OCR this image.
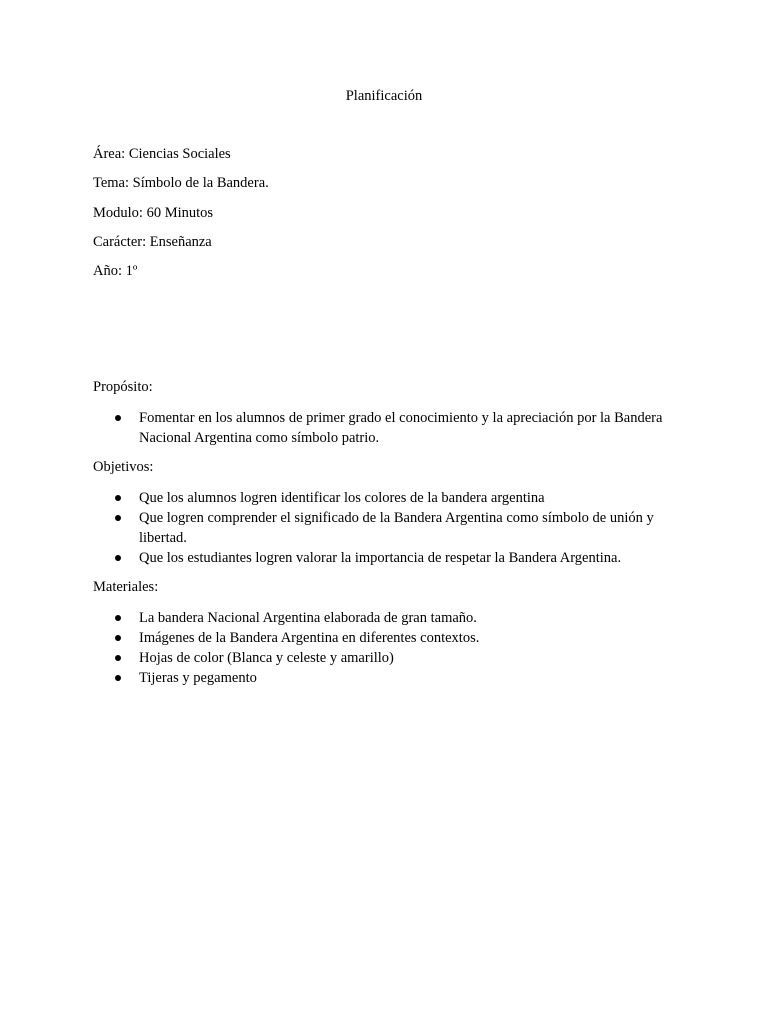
Planificación
Área: Ciencias Sociales
Tema: Símbolo de la Bandera.
Modulo: 60 Minutos
Carácter: Enseñanza
Año: 1º
Propósito:
Fomentar en los alumnos de primer grado el conocimiento y la apreciación por la Bandera Nacional Argentina como símbolo patrio.
Objetivos:
Que los alumnos logren identificar los colores de la bandera argentina
Que logren comprender el significado de la Bandera Argentina como símbolo de unión y libertad.
Que los estudiantes logren valorar la importancia de respetar la Bandera Argentina.
Materiales:
La bandera Nacional Argentina elaborada de gran tamaño.
Imágenes de la Bandera Argentina en diferentes contextos.
Hojas de color (Blanca y celeste y amarillo)
Tijeras y pegamento
